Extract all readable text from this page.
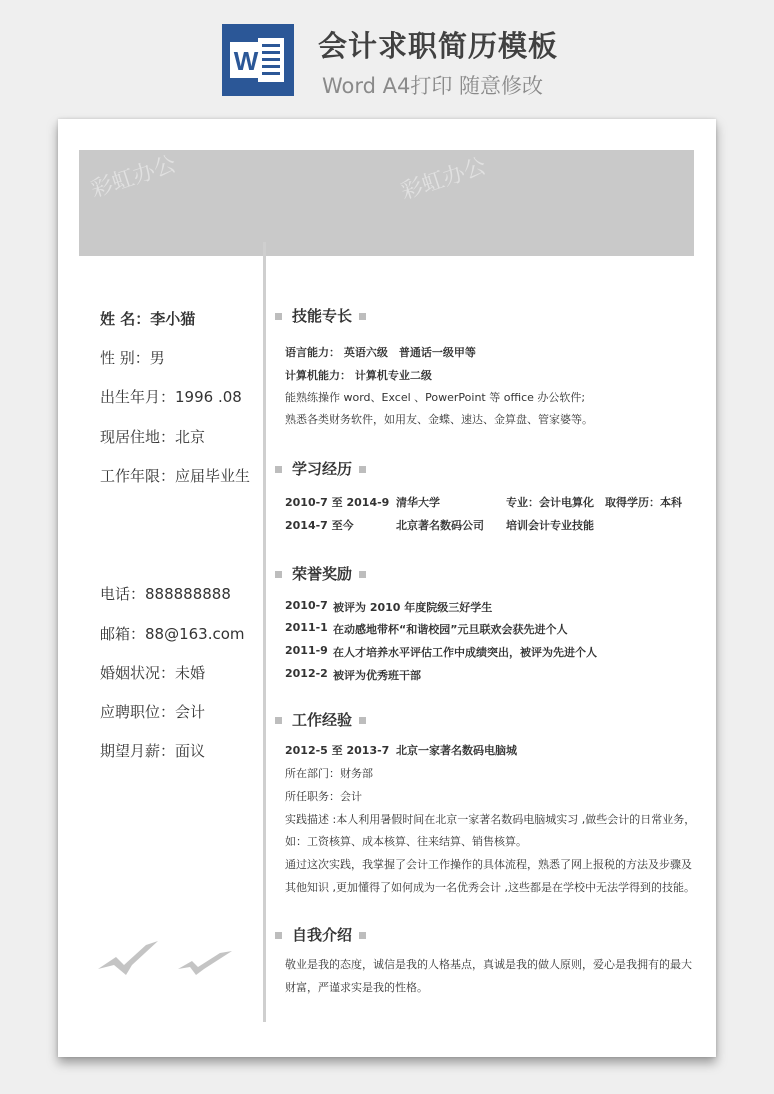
W 会计求职简历模板
Word A4打印 随意修改
彩虹办公	彩虹办公
姓 名：李小猫
性 别：男
出生年月：1996 .08
现居住地：北京
工作年限：应届毕业生
电话：888888888
邮箱：88@163.com
婚姻状况：未婚
应聘职位：会计
期望月薪：面议
技能专长
语言能力： 英语六级　普通话一级甲等
计算机能力： 计算机专业二级
能熟练操作 word、Excel 、PowerPoint 等 office 办公软件;
熟悉各类财务软件，如用友、金蝶、速达、金算盘、管家婆等。
学习经历
2010-7 至 2014-9 清华大学	专业：会计电算化　取得学历：本科
2014-7 至今	北京著名数码公司 培训会计专业技能
荣誉奖励
2010-7 被评为 2010 年度院级三好学生
2011-1 在动感地带杯“和谐校园”元旦联欢会获先进个人
2011-9 在人才培养水平评估工作中成绩突出，被评为先进个人
2012-2 被评为优秀班干部
工作经验
2012-5 至 2013-7 北京一家著名数码电脑城
所在部门：财务部
所任职务：会计
实践描述 :本人利用暑假时间在北京一家著名数码电脑城实习 ,做些会计的日常业务，
如：工资核算、成本核算、往来结算、销售核算。
通过这次实践，我掌握了会计工作操作的具体流程，熟悉了网上报税的方法及步骤及
其他知识 ,更加懂得了如何成为一名优秀会计 ,这些都是在学校中无法学得到的技能。
自我介绍
敬业是我的态度，诚信是我的人格基点，真诚是我的做人原则，爱心是我拥有的最大
财富，严谨求实是我的性格。
